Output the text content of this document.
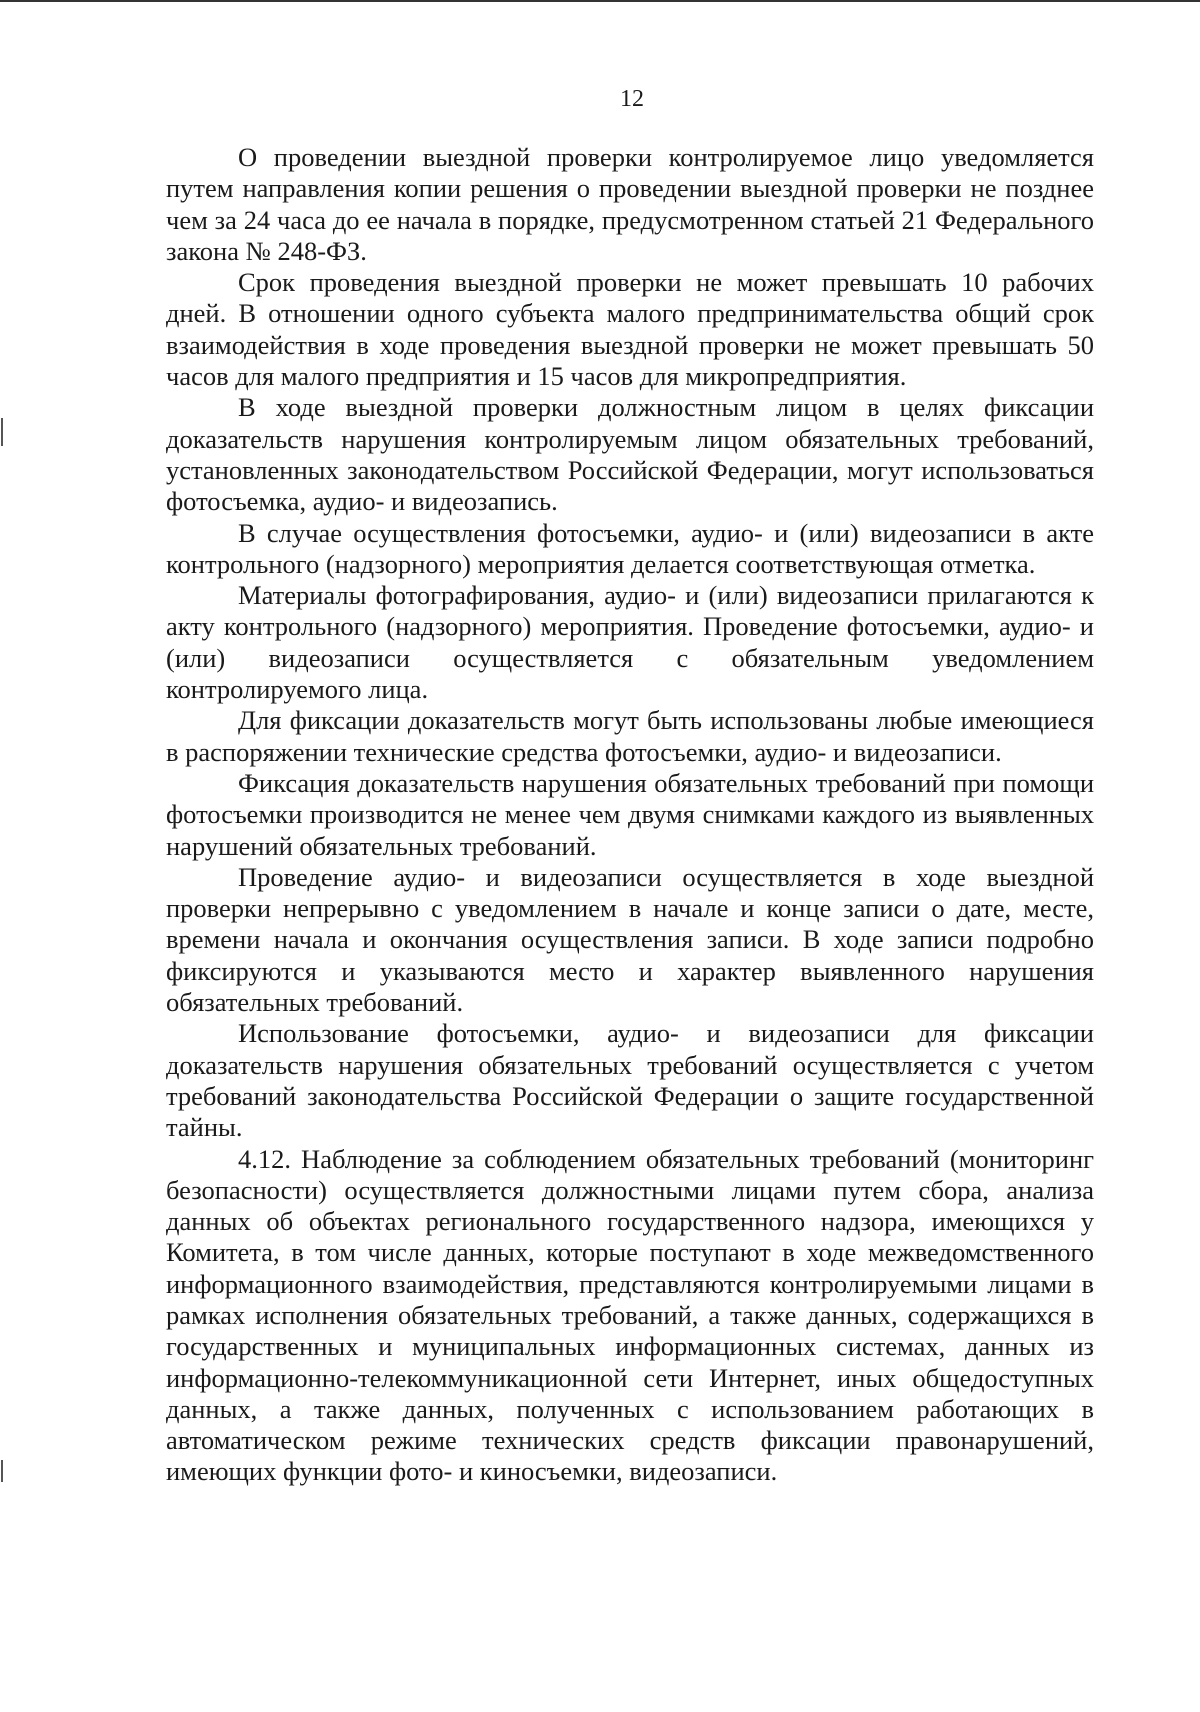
12

О проведении выездной проверки контролируемое лицо уведомляется путем направления копии решения о проведении выездной проверки не позднее чем за 24 часа до ее начала в порядке, предусмотренном статьей 21 Федерального закона № 248-ФЗ.

Срок проведения выездной проверки не может превышать 10 рабочих дней. В отношении одного субъекта малого предпринимательства общий срок взаимодействия в ходе проведения выездной проверки не может превышать 50 часов для малого предприятия и 15 часов для микропредприятия.

В ходе выездной проверки должностным лицом в целях фиксации доказательств нарушения контролируемым лицом обязательных требований, установленных законодательством Российской Федерации, могут использоваться фотосъемка, аудио- и видеозапись.

В случае осуществления фотосъемки, аудио- и (или) видеозаписи в акте контрольного (надзорного) мероприятия делается соответствующая отметка.

Материалы фотографирования, аудио- и (или) видеозаписи прилагаются к акту контрольного (надзорного) мероприятия. Проведение фотосъемки, аудио- и (или) видеозаписи осуществляется с обязательным уведомлением контролируемого лица.

Для фиксации доказательств могут быть использованы любые имеющиеся в распоряжении технические средства фотосъемки, аудио- и видеозаписи.

Фиксация доказательств нарушения обязательных требований при помощи фотосъемки производится не менее чем двумя снимками каждого из выявленных нарушений обязательных требований.

Проведение аудио- и видеозаписи осуществляется в ходе выездной проверки непрерывно с уведомлением в начале и конце записи о дате, месте, времени начала и окончания осуществления записи. В ходе записи подробно фиксируются и указываются место и характер выявленного нарушения обязательных требований.

Использование фотосъемки, аудио- и видеозаписи для фиксации доказательств нарушения обязательных требований осуществляется с учетом требований законодательства Российской Федерации о защите государственной тайны.

4.12. Наблюдение за соблюдением обязательных требований (мониторинг безопасности) осуществляется должностными лицами путем сбора, анализа данных об объектах регионального государственного надзора, имеющихся у Комитета, в том числе данных, которые поступают в ходе межведомственного информационного взаимодействия, представляются контролируемыми лицами в рамках исполнения обязательных требований, а также данных, содержащихся в государственных и муниципальных информационных системах, данных из информационно-телекоммуникационной сети Интернет, иных общедоступных данных, а также данных, полученных с использованием работающих в автоматическом режиме технических средств фиксации правонарушений, имеющих функции фото- и киносъемки, видеозаписи.
